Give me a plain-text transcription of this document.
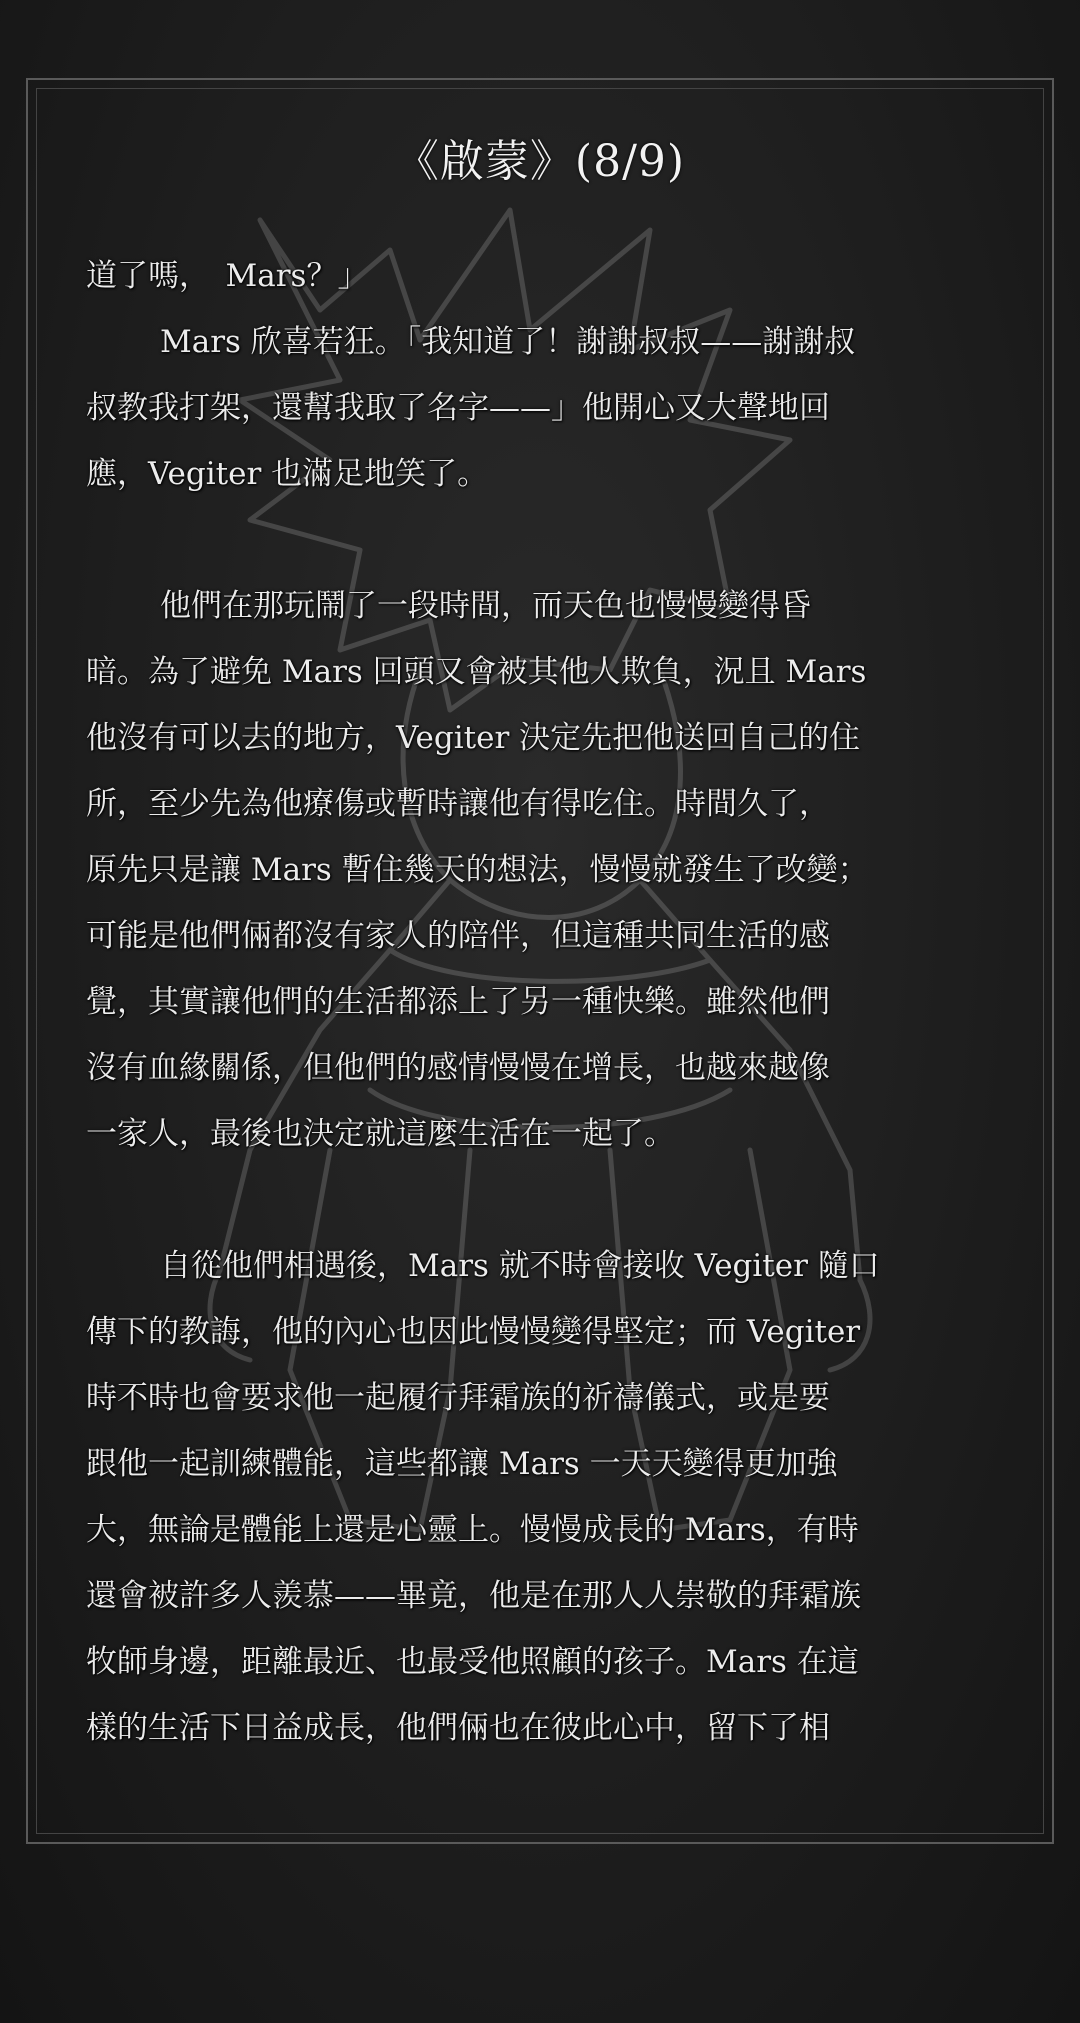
《啟蒙》(8/9)
道了嗎，　Mars？」
Mars 欣喜若狂。「我知道了！謝謝叔叔——謝謝叔
叔教我打架，還幫我取了名字——」他開心又大聲地回
應，Vegiter 也滿足地笑了。
他們在那玩鬧了一段時間，而天色也慢慢變得昏
暗。為了避免 Mars 回頭又會被其他人欺負，況且 Mars
他沒有可以去的地方，Vegiter 決定先把他送回自己的住
所，至少先為他療傷或暫時讓他有得吃住。時間久了，
原先只是讓 Mars 暫住幾天的想法，慢慢就發生了改變；
可能是他們倆都沒有家人的陪伴，但這種共同生活的感
覺，其實讓他們的生活都添上了另一種快樂。雖然他們
沒有血緣關係，但他們的感情慢慢在增長，也越來越像
一家人，最後也決定就這麼生活在一起了。
自從他們相遇後，Mars 就不時會接收 Vegiter 隨口
傳下的教誨，他的內心也因此慢慢變得堅定；而 Vegiter
時不時也會要求他一起履行拜霜族的祈禱儀式，或是要
跟他一起訓練體能，這些都讓 Mars 一天天變得更加強
大，無論是體能上還是心靈上。慢慢成長的 Mars，有時
還會被許多人羨慕——畢竟，他是在那人人崇敬的拜霜族
牧師身邊，距離最近、也最受他照顧的孩子。Mars 在這
樣的生活下日益成長，他們倆也在彼此心中，留下了相
